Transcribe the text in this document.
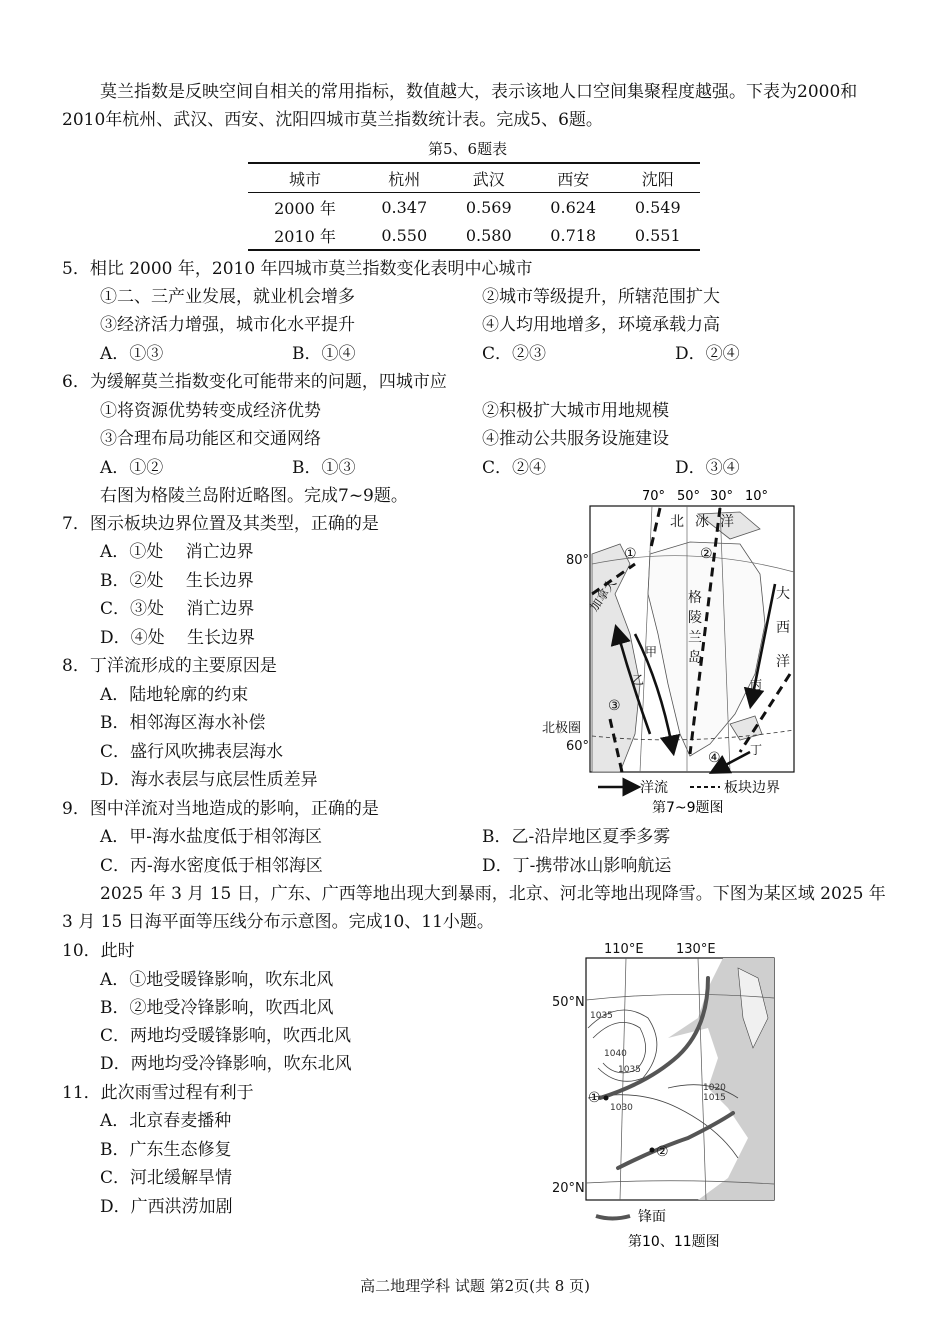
莫兰指数是反映空间自相关的常用指标，数值越大，表示该地人口空间集聚程度越强。下表为2000和2010年杭州、武汉、西安、沈阳四城市莫兰指数统计表。完成5、6题。
第5、6题表
城市	杭州	武汉	西安	沈阳
2000 年	0.347	0.569	0.624	0.549
2010 年	0.550	0.580	0.718	0.551
5．相比 2000 年，2010 年四城市莫兰指数变化表明中心城市
①二、三产业发展，就业机会增多	②城市等级提升，所辖范围扩大
③经济活力增强，城市化水平提升	④人均用地增多，环境承载力高
A．①③	B．①④	C．②③	D．②④
6．为缓解莫兰指数变化可能带来的问题，四城市应
①将资源优势转变成经济优势	②积极扩大城市用地规模
③合理布局功能区和交通网络	④推动公共服务设施建设
A．①②	B．①③	C．②④	D．③④
右图为格陵兰岛附近略图。完成7~9题。
7．图示板块边界位置及其类型，正确的是
A．①处　 消亡边界
B．②处　 生长边界
C．③处　 消亡边界
D．④处　 生长边界
8．丁洋流形成的主要原因是
A．陆地轮廓的约束
B．相邻海区海水补偿
C．盛行风吹拂表层海水
D．海水表层与底层性质差异
9．图中洋流对当地造成的影响，正确的是
A．甲-海水盐度低于相邻海区	B．乙-沿岸地区夏季多雾
C．丙-海水密度低于相邻海区	D．丁-携带冰山影响航运
2025 年 3 月 15 日，广东、广西等地出现大到暴雨，北京、河北等地出现降雪。下图为某区域 2025 年 3 月 15 日海平面等压线分布示意图。完成10、11小题。
10．此时
A．①地受暖锋影响，吹东北风
B．②地受冷锋影响，吹西北风
C．两地均受暖锋影响，吹西北风
D．两地均受冷锋影响，吹东北风
11．此次雨雪过程有利于
A．北京春麦播种
B．广东生态修复
C．河北缓解旱情
D．广西洪涝加剧
70° 50° 30° 10°
北 冰 洋
加拿大	格
陵
兰
岛
大
西
洋
①	②
③
④
甲
乙	丙
丁
80°
北极圈
60°
洋流	板块边界
第7~9题图
110°E 130°E
50°N
20°N
1035
1040
1035
1030
1020
1015
①
②
锋面
第10、11题图
高二地理学科 试题 第2页(共 8 页)
